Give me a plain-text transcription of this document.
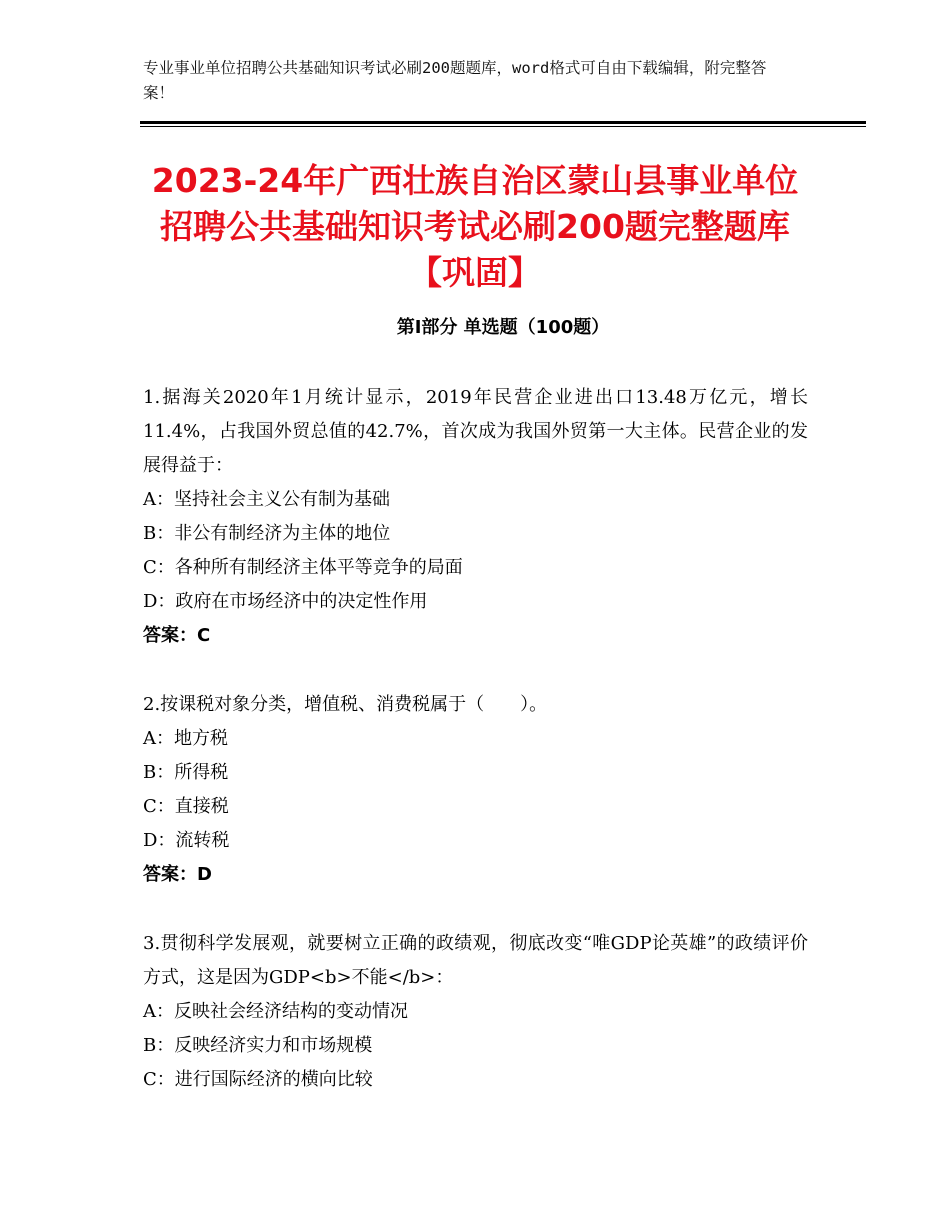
专业事业单位招聘公共基础知识考试必刷200题题库，word格式可自由下载编辑，附完整答案！
2023-24年广西壮族自治区蒙山县事业单位
招聘公共基础知识考试必刷200题完整题库
【巩固】
第Ⅰ部分 单选题（100题）
1.据海关2020年1月统计显示，2019年民营企业进出口13.48万亿元，增长11.4%，占我国外贸总值的42.7%，首次成为我国外贸第一大主体。民营企业的发展得益于：
A：坚持社会主义公有制为基础
B：非公有制经济为主体的地位
C：各种所有制经济主体平等竞争的局面
D：政府在市场经济中的决定性作用
答案：C
2.按课税对象分类，增值税、消费税属于（　　）。
A：地方税
B：所得税
C：直接税
D：流转税
答案：D
3.贯彻科学发展观，就要树立正确的政绩观，彻底改变“唯GDP论英雄”的政绩评价方式，这是因为GDP<b>不能</b>：
A：反映社会经济结构的变动情况
B：反映经济实力和市场规模
C：进行国际经济的横向比较
